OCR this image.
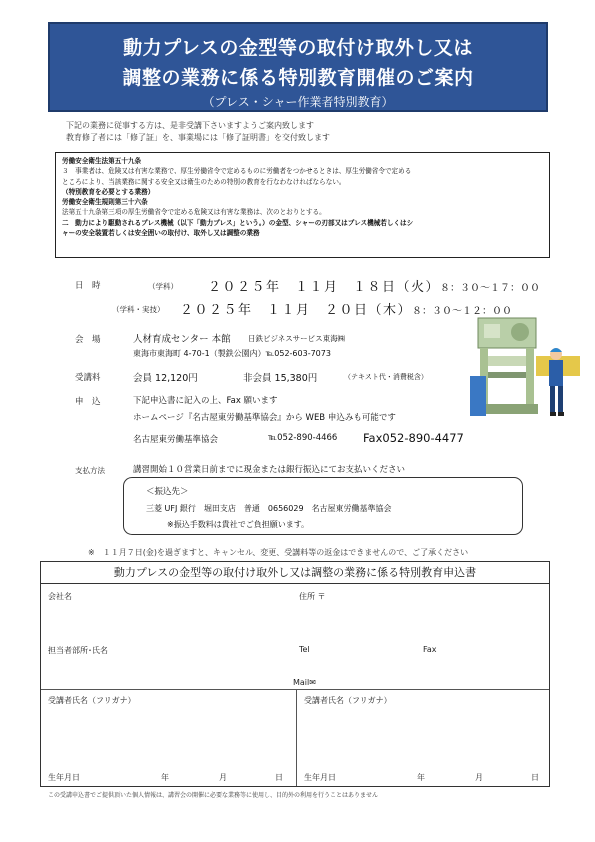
動力プレスの金型等の取付け取外し又は
調整の業務に係る特別教育開催のご案内
（プレス・シャー作業者特別教育）
下記の業務に従事する方は、是非受講下さいますようご案内致します
教育修了者には「修了証」を、事業場には「修了証明書」を交付致します
労働安全衛生法第五十九条
３　事業者は、危険又は有害な業務で、厚生労働省令で定めるものに労働者をつかせるときは、厚生労働省令で定める
ところにより、当該業務に関する安全又は衛生のための特別の教育を行なわなければならない。
（特別教育を必要とする業務）
労働安全衛生規則第三十六条
法第五十九条第三項の厚生労働省令で定める危険又は有害な業務は、次のとおりとする。
二　動力により駆動されるプレス機械（以下「動力プレス」という。）の金型、シャーの刃部又はプレス機械若しくはシ
ャーの安全装置若しくは安全囲いの取付け、取外し又は調整の業務
日　時	（学科） ２０２５年　１１月　１８日（火） ８：３０～１７：００
（学科・実技） ２０２５年　１１月　２０日（木） ８：３０～１２：００
会　場	人材育成センター 本館 日鉄ビジネスサービス東海㈱
東海市東海町 4-70-1（製鉄公園内）℡052-603-7073
受講料	会員 12,120円	非会員 15,380円	（テキスト代・消費税含）
申　込	下記申込書に記入の上、Fax 願います
ホームページ『名古屋東労働基準協会』から WEB 申込みも可能です
名古屋東労働基準協会	℡052-890-4466 Fax052-890-4477
支払方法	講習開始１０営業日前までに現金または銀行振込にてお支払いください
＜振込先＞
三菱 UFJ 銀行　堀田支店　普通　0656029　名古屋東労働基準協会
※振込手数料は貴社でご負担願います。
※　１１月７日(金)を過ぎますと、キャンセル、変更、受講料等の返金はできませんので、ご了承ください
動力プレスの金型等の取付け取外し又は調整の業務に係る特別教育申込書
会社名	住所 〒
担当者部所･氏名	Tel	Fax
Mail✉
受講者氏名（フリガナ）	受講者氏名（フリガナ）
生年月日	年	月	日	生年月日	年	月	日
この受講申込書でご提供頂いた個人情報は、講習会の開催に必要な業務等に使用し、目的外の利用を行うことはありません
